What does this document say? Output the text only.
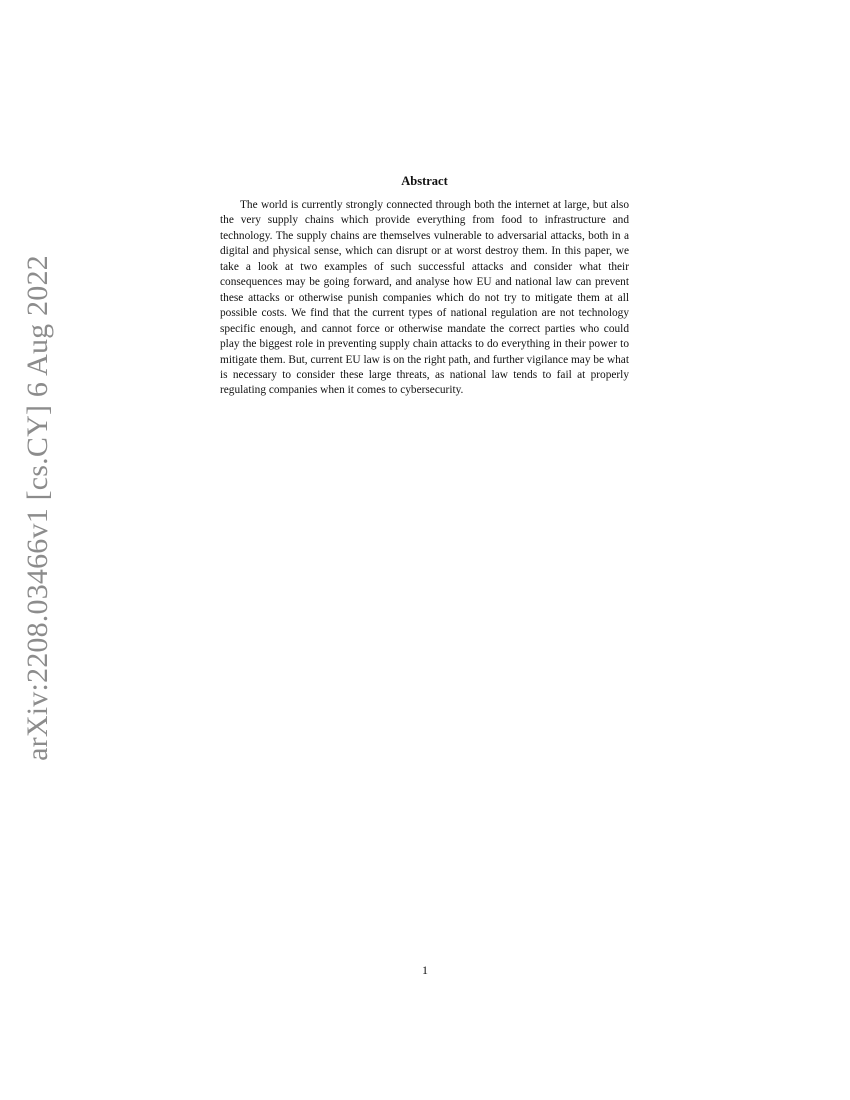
arXiv:2208.03466v1 [cs.CY] 6 Aug 2022
Abstract

The world is currently strongly connected through both the internet at large, but also the very supply chains which provide everything from food to infrastructure and technology. The supply chains are themselves vulnerable to adversarial attacks, both in a digital and physical sense, which can disrupt or at worst destroy them. In this paper, we take a look at two examples of such successful attacks and consider what their consequences may be going forward, and analyse how EU and national law can prevent these attacks or otherwise punish companies which do not try to mitigate them at all possible costs. We find that the current types of national regulation are not technology specific enough, and cannot force or otherwise mandate the correct parties who could play the biggest role in preventing supply chain attacks to do everything in their power to mitigate them. But, current EU law is on the right path, and further vigilance may be what is necessary to consider these large threats, as national law tends to fail at properly regulating companies when it comes to cybersecurity.

1
